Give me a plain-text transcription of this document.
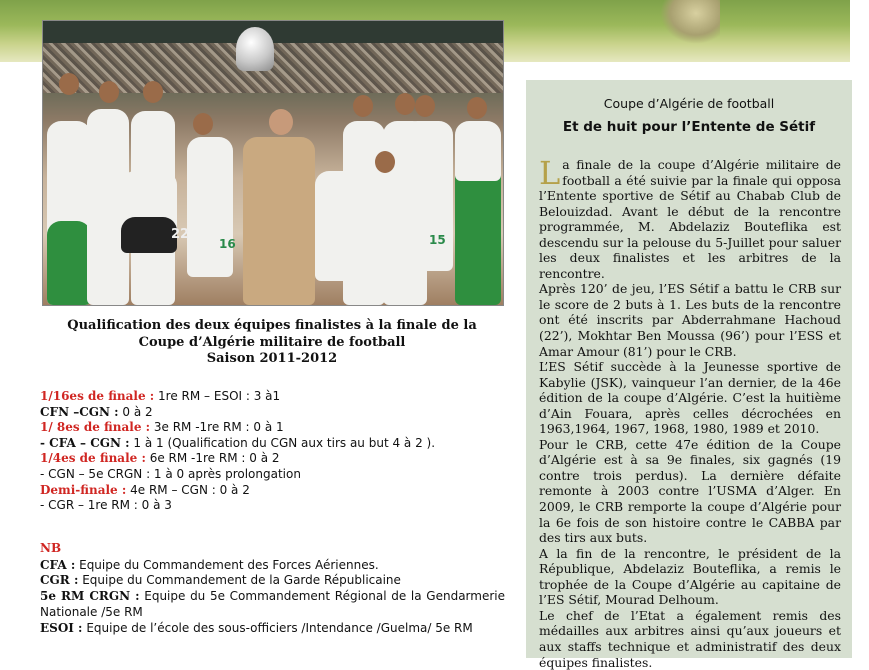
22
16	15
Qualification des deux équipes finalistes à la finale de la
Coupe d’Algérie militaire de football
Saison 2011-2012
1/16es de finale : 1re RM – ESOI : 3 à1
CFN –CGN : 0 à 2
1/ 8es de finale : 3e RM -1re RM : 0 à 1
- CFA – CGN : 1 à 1 (Qualification du CGN aux tirs au but 4 à 2 ).
1/4es de finale : 6e RM -1re RM : 0 à 2
- CGN – 5e CRGN : 1 à 0 après prolongation
Demi-finale : 4e RM – CGN : 0 à 2
- CGR – 1re RM : 0 à 3
NB
CFA : Equipe du Commandement des Forces Aériennes.
CGR : Equipe du Commandement de la Garde Républicaine
5e RM CRGN : Equipe du 5e Commandement Régional de la Gendarmerie Nationale /5e RM
ESOI : Equipe de l’école des sous-officiers /Intendance /Guelma/ 5e RM
Coupe d’Algérie de football
Et de huit pour l’Entente de Sétif

La finale de la coupe d’Algérie militaire de football a été suivie par la finale qui opposa l’Entente sportive de Sétif au Chabab Club de Belouizdad. Avant le début de la rencontre programmée, M. Abdelaziz Bouteflika est descendu sur la pelouse du 5-Juillet pour saluer les deux finalistes et les arbitres de la rencontre.

Après 120’ de jeu, l’ES Sétif a battu le CRB sur le score de 2 buts à 1. Les buts de la rencontre ont été inscrits par Abderrahmane Hachoud (22’), Mokhtar Ben Moussa (96’) pour l’ESS et Amar Amour (81’) pour le CRB.

L’ES Sétif succède à la Jeunesse sportive de Kabylie (JSK), vainqueur l’an dernier, de la 46e édition de la coupe d’Algérie. C’est la huitième d’Ain Fouara, après celles décrochées en 1963,1964, 1967, 1968, 1980, 1989 et 2010.

Pour le CRB, cette 47e édition de la Coupe d’Algérie est à sa 9e finales, six gagnés (19 contre trois perdus). La dernière défaite remonte à 2003 contre l’USMA d’Alger. En 2009, le CRB remporte la coupe d’Algérie pour la 6e fois de son histoire contre le CABBA par des tirs aux buts.

A la fin de la rencontre, le président de la République, Abdelaziz Bouteflika, a remis le trophée de la Coupe d’Algérie au capitaine de l’ES Sétif, Mourad Delhoum.

Le chef de l’Etat a également remis des médailles aux arbitres ainsi qu’aux joueurs et aux staffs technique et administratif des deux équipes finalistes.
